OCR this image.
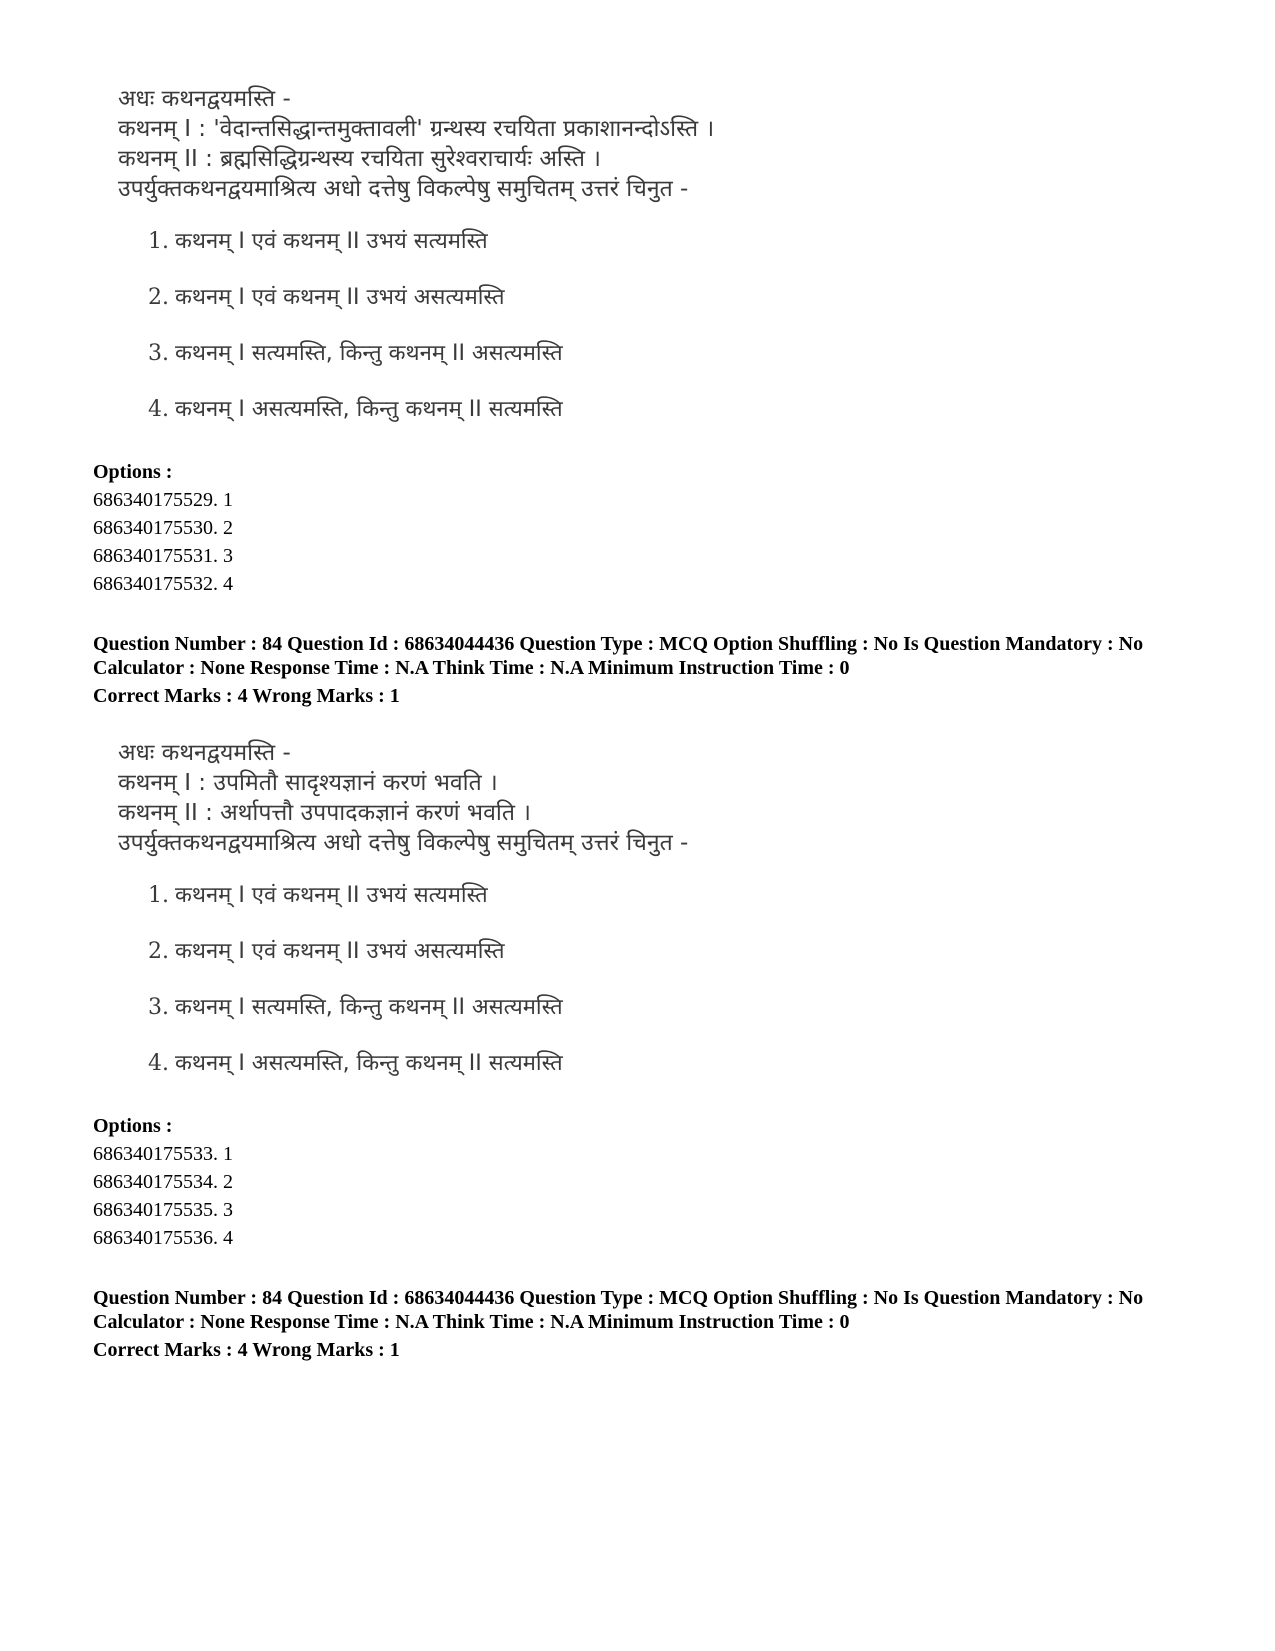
अधः कथनद्वयमस्ति -
कथनम् I : 'वेदान्तसिद्धान्तमुक्तावली' ग्रन्थस्य रचयिता प्रकाशानन्दोऽस्ति ।
कथनम् II : ब्रह्मसिद्धिग्रन्थस्य रचयिता सुरेश्वराचार्यः अस्ति ।
उपर्युक्तकथनद्वयमाश्रित्य अधो दत्तेषु विकल्पेषु समुचितम् उत्तरं चिनुत -
1. कथनम् I एवं कथनम् II उभयं सत्यमस्ति
2. कथनम् I एवं कथनम् II उभयं असत्यमस्ति
3. कथनम् I सत्यमस्ति, किन्तु कथनम् II असत्यमस्ति
4. कथनम् I असत्यमस्ति, किन्तु कथनम् II सत्यमस्ति
Options :
686340175529. 1
686340175530. 2
686340175531. 3
686340175532. 4
Question Number : 84 Question Id : 68634044436 Question Type : MCQ Option Shuffling : No Is Question Mandatory : No Calculator : None Response Time : N.A Think Time : N.A Minimum Instruction Time : 0
Correct Marks : 4 Wrong Marks : 1
अधः कथनद्वयमस्ति -
कथनम् I : उपमितौ सादृश्यज्ञानं करणं भवति ।
कथनम् II : अर्थापत्तौ उपपादकज्ञानं करणं भवति ।
उपर्युक्तकथनद्वयमाश्रित्य अधो दत्तेषु विकल्पेषु समुचितम् उत्तरं चिनुत -
1. कथनम् I एवं कथनम् II उभयं सत्यमस्ति
2. कथनम् I एवं कथनम् II उभयं असत्यमस्ति
3. कथनम् I सत्यमस्ति, किन्तु कथनम् II असत्यमस्ति
4. कथनम् I असत्यमस्ति, किन्तु कथनम् II सत्यमस्ति
Options :
686340175533. 1
686340175534. 2
686340175535. 3
686340175536. 4
Question Number : 84 Question Id : 68634044436 Question Type : MCQ Option Shuffling : No Is Question Mandatory : No Calculator : None Response Time : N.A Think Time : N.A Minimum Instruction Time : 0
Correct Marks : 4 Wrong Marks : 1
